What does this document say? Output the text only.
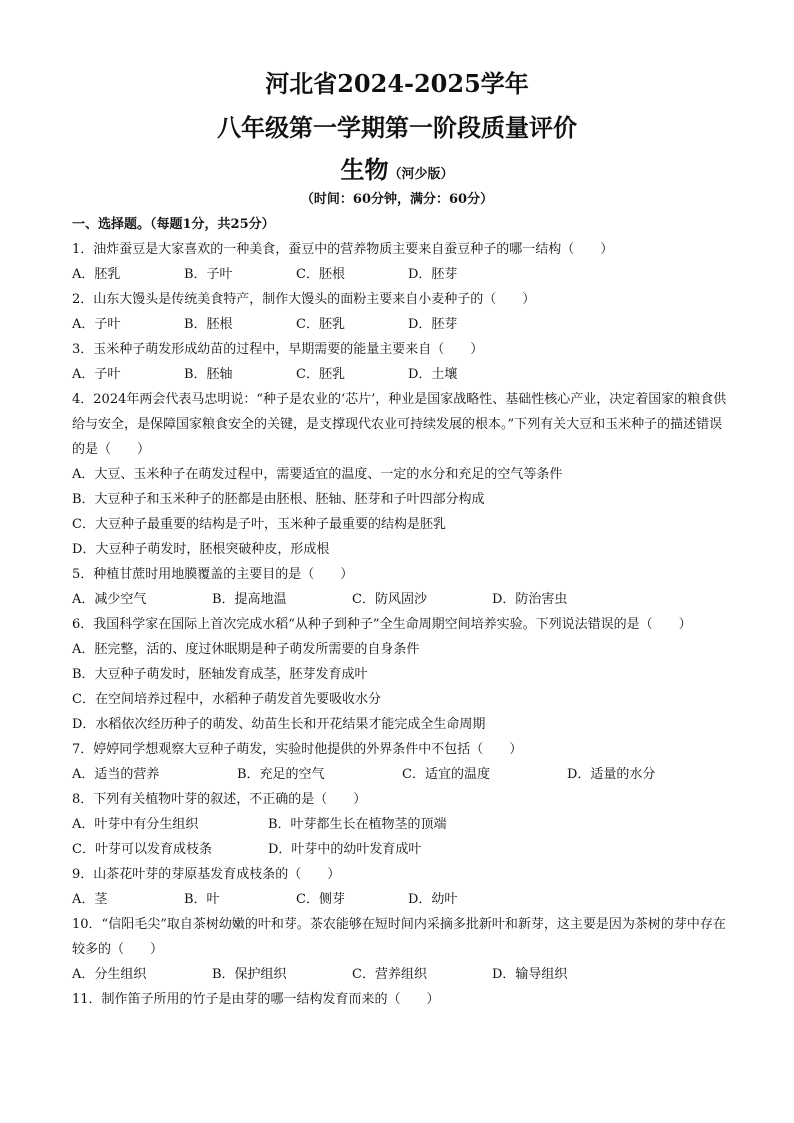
河北省2024-2025学年
八年级第一学期第一阶段质量评价
生物（河少版）
（时间：60分钟，满分：60分）
一、选择题。（每题1分，共25分）
1．油炸蚕豆是大家喜欢的一种美食，蚕豆中的营养物质主要来自蚕豆种子的哪一结构（　　）
A．胚乳	B．子叶	C．胚根	D．胚芽
2．山东大馒头是传统美食特产，制作大馒头的面粉主要来自小麦种子的（　　）
A．子叶	B．胚根	C．胚乳	D．胚芽
3．玉米种子萌发形成幼苗的过程中，早期需要的能量主要来自（　　）
A．子叶	B．胚轴	C．胚乳	D．土壤
4．2024年两会代表马忠明说：“种子是农业的‘芯片’，种业是国家战略性、基础性核心产业，决定着国家的粮食供给与安全，是保障国家粮食安全的关键，是支撑现代农业可持续发展的根本。”下列有关大豆和玉米种子的描述错误的是（　　）
A．大豆、玉米种子在萌发过程中，需要适宜的温度、一定的水分和充足的空气等条件
B．大豆种子和玉米种子的胚都是由胚根、胚轴、胚芽和子叶四部分构成
C．大豆种子最重要的结构是子叶，玉米种子最重要的结构是胚乳
D．大豆种子萌发时，胚根突破种皮，形成根
5．种植甘蔗时用地膜覆盖的主要目的是（　　）
A．减少空气	B．提高地温	C．防风固沙	D．防治害虫
6．我国科学家在国际上首次完成水稻“从种子到种子”全生命周期空间培养实验。下列说法错误的是（　　）
A．胚完整，活的、度过休眠期是种子萌发所需要的自身条件
B．大豆种子萌发时，胚轴发育成茎，胚芽发育成叶
C．在空间培养过程中，水稻种子萌发首先要吸收水分
D．水稻依次经历种子的萌发、幼苗生长和开花结果才能完成全生命周期
7．婷婷同学想观察大豆种子萌发，实验时他提供的外界条件中不包括（　　）
A．适当的营养	B．充足的空气	C．适宜的温度	D．适量的水分
8．下列有关植物叶芽的叙述，不正确的是（　　）
A．叶芽中有分生组织	B．叶芽都生长在植物茎的顶端
C．叶芽可以发育成枝条	D．叶芽中的幼叶发育成叶
9．山茶花叶芽的芽原基发育成枝条的（　　）
A．茎	B．叶	C．侧芽	D．幼叶
10．“信阳毛尖”取自茶树幼嫩的叶和芽。茶农能够在短时间内采摘多批新叶和新芽，这主要是因为茶树的芽中存在较多的（　　）
A．分生组织	B．保护组织	C．营养组织	D．输导组织
11．制作笛子所用的竹子是由芽的哪一结构发育而来的（　　）
